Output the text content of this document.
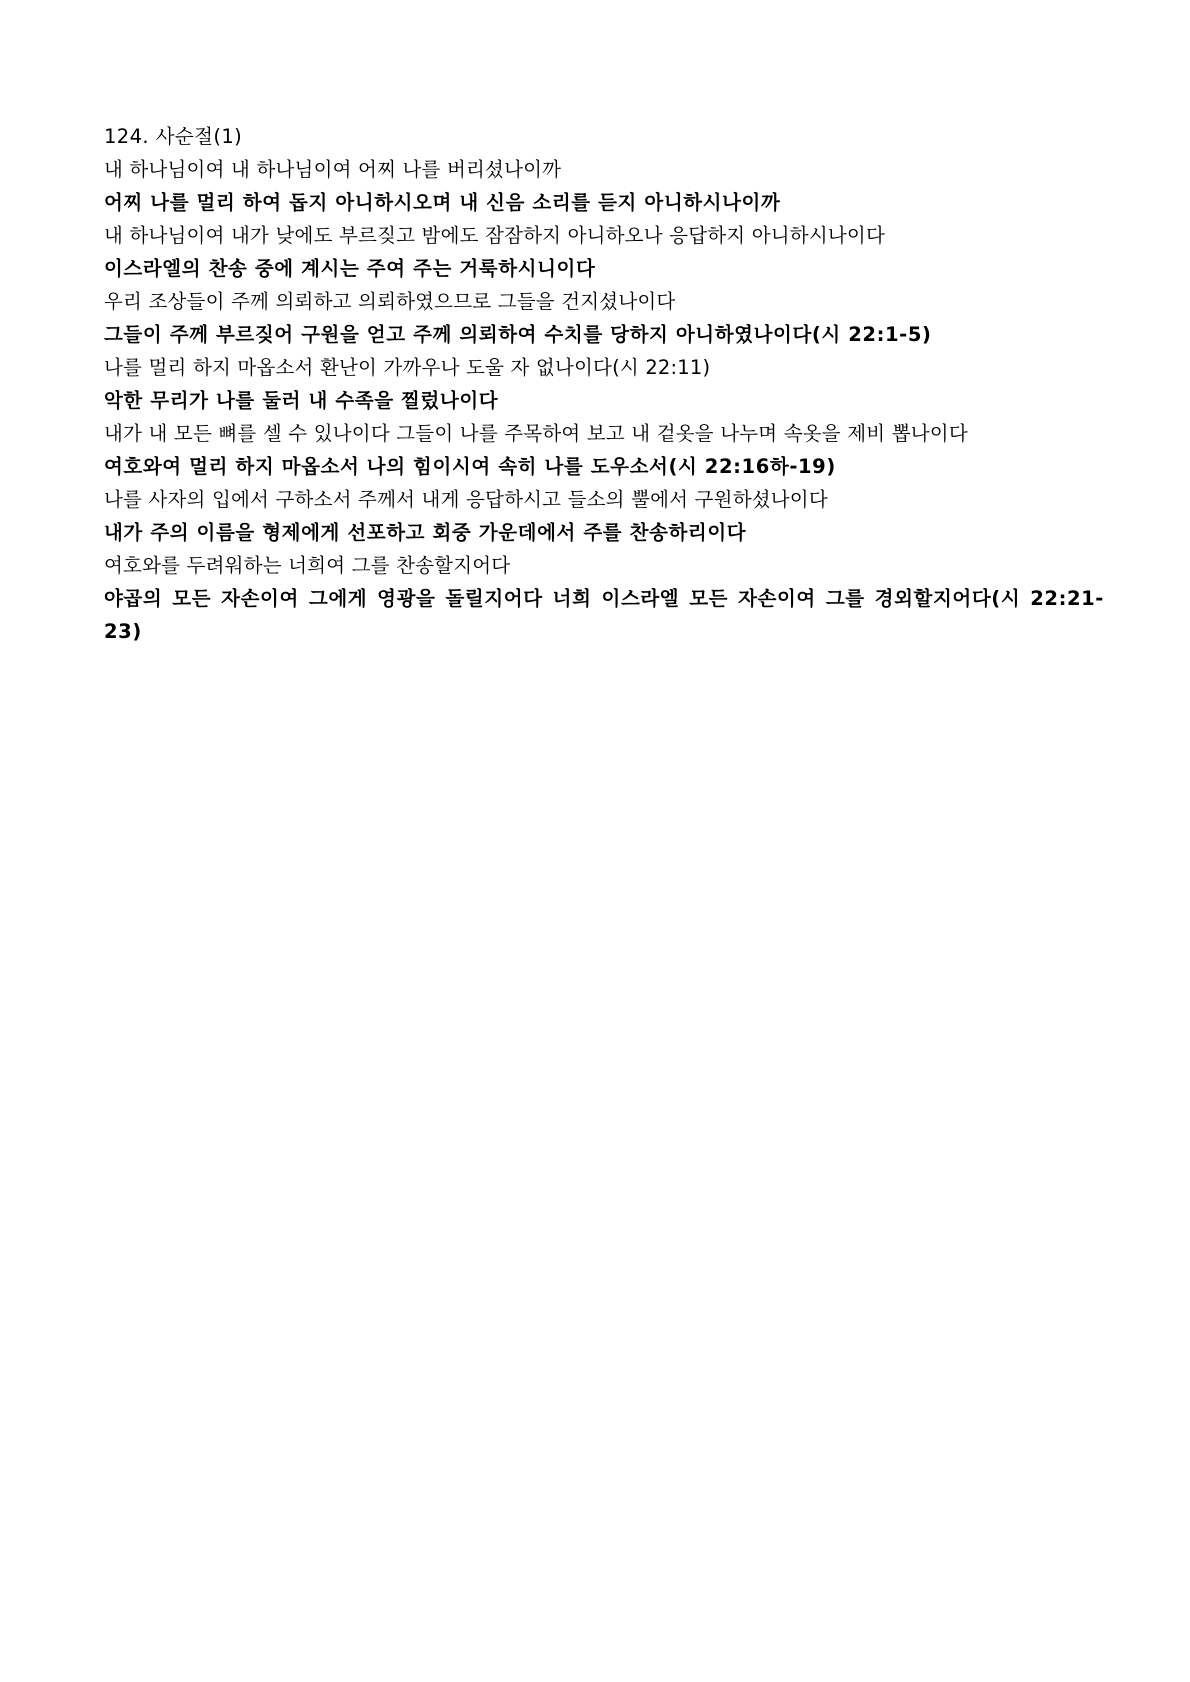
124. 사순절(1)
내 하나님이여 내 하나님이여 어찌 나를 버리셨나이까
어찌 나를 멀리 하여 돕지 아니하시오며 내 신음 소리를 듣지 아니하시나이까
내 하나님이여 내가 낮에도 부르짖고 밤에도 잠잠하지 아니하오나 응답하지 아니하시나이다
이스라엘의 찬송 중에 계시는 주여 주는 거룩하시니이다
우리 조상들이 주께 의뢰하고 의뢰하였으므로 그들을 건지셨나이다
그들이 주께 부르짖어 구원을 얻고 주께 의뢰하여 수치를 당하지 아니하였나이다(시 22:1-5)
나를 멀리 하지 마옵소서 환난이 가까우나 도울 자 없나이다(시 22:11)
악한 무리가 나를 둘러 내 수족을 찔렀나이다
내가 내 모든 뼈를 셀 수 있나이다 그들이 나를 주목하여 보고 내 겉옷을 나누며 속옷을 제비 뽑나이다
여호와여 멀리 하지 마옵소서 나의 힘이시여 속히 나를 도우소서(시 22:16하-19)
나를 사자의 입에서 구하소서 주께서 내게 응답하시고 들소의 뿔에서 구원하셨나이다
내가 주의 이름을 형제에게 선포하고 회중 가운데에서 주를 찬송하리이다
여호와를 두려워하는 너희여 그를 찬송할지어다
야곱의 모든 자손이여 그에게 영광을 돌릴지어다 너희 이스라엘 모든 자손이여 그를 경외할지어다(시 22:21-23)
